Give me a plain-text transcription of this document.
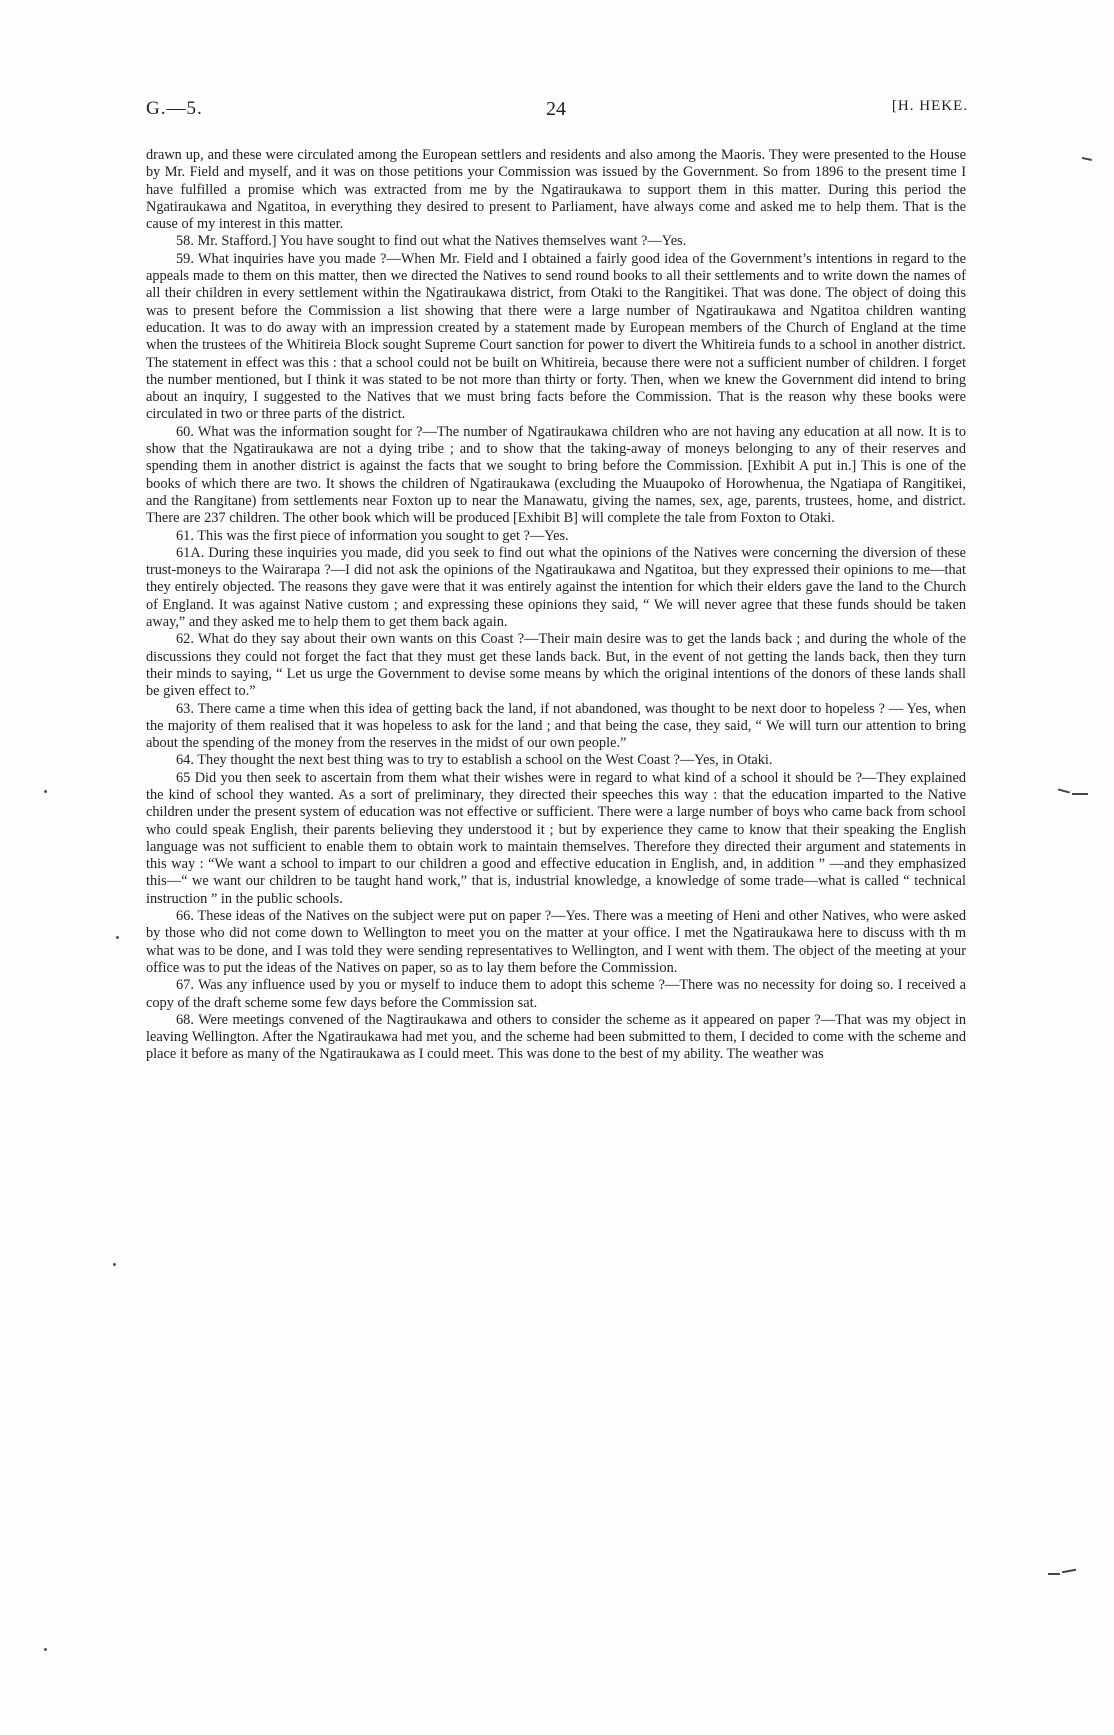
G.—5.	24	[H. HEKE.

drawn up, and these were circulated among the European settlers and residents and also among the Maoris. They were presented to the House by Mr. Field and myself, and it was on those petitions your Commission was issued by the Government. So from 1896 to the present time I have fulfilled a promise which was extracted from me by the Ngatiraukawa to support them in this matter. During this period the Ngatiraukawa and Ngatitoa, in everything they desired to present to Parliament, have always come and asked me to help them. That is the cause of my interest in this matter.

58. Mr. Stafford.] You have sought to find out what the Natives themselves want ?—Yes.

59. What inquiries have you made ?—When Mr. Field and I obtained a fairly good idea of the Government’s intentions in regard to the appeals made to them on this matter, then we directed the Natives to send round books to all their settlements and to write down the names of all their children in every settlement within the Ngatiraukawa district, from Otaki to the Rangitikei. That was done. The object of doing this was to present before the Commission a list showing that there were a large number of Ngatiraukawa and Ngatitoa children wanting education. It was to do away with an impression created by a statement made by European members of the Church of England at the time when the trustees of the Whitireia Block sought Supreme Court sanction for power to divert the Whitireia funds to a school in another district. The statement in effect was this : that a school could not be built on Whitireia, because there were not a sufficient number of children. I forget the number mentioned, but I think it was stated to be not more than thirty or forty. Then, when we knew the Government did intend to bring about an inquiry, I suggested to the Natives that we must bring facts before the Commission. That is the reason why these books were circulated in two or three parts of the district.

60. What was the information sought for ?—The number of Ngatiraukawa children who are not having any education at all now. It is to show that the Ngatiraukawa are not a dying tribe ; and to show that the taking-away of moneys belonging to any of their reserves and spending them in another district is against the facts that we sought to bring before the Commission. [Exhibit A put in.] This is one of the books of which there are two. It shows the children of Ngatiraukawa (excluding the Muaupoko of Horowhenua, the Ngatiapa of Rangitikei, and the Rangitane) from settlements near Foxton up to near the Manawatu, giving the names, sex, age, parents, trustees, home, and district. There are 237 children. The other book which will be produced [Exhibit B] will complete the tale from Foxton to Otaki.

61. This was the first piece of information you sought to get ?—Yes.

61A. During these inquiries you made, did you seek to find out what the opinions of the Natives were concerning the diversion of these trust-moneys to the Wairarapa ?—I did not ask the opinions of the Ngatiraukawa and Ngatitoa, but they expressed their opinions to me—that they entirely objected. The reasons they gave were that it was entirely against the intention for which their elders gave the land to the Church of England. It was against Native custom ; and expressing these opinions they said, “ We will never agree that these funds should be taken away,” and they asked me to help them to get them back again.

62. What do they say about their own wants on this Coast ?—Their main desire was to get the lands back ; and during the whole of the discussions they could not forget the fact that they must get these lands back. But, in the event of not getting the lands back, then they turn their minds to saying, “ Let us urge the Government to devise some means by which the original intentions of the donors of these lands shall be given effect to.”

63. There came a time when this idea of getting back the land, if not abandoned, was thought to be next door to hopeless ? — Yes, when the majority of them realised that it was hopeless to ask for the land ; and that being the case, they said, “ We will turn our attention to bring about the spending of the money from the reserves in the midst of our own people.”

64. They thought the next best thing was to try to establish a school on the West Coast ?—Yes, in Otaki.

65 Did you then seek to ascertain from them what their wishes were in regard to what kind of a school it should be ?—They explained the kind of school they wanted. As a sort of preliminary, they directed their speeches this way : that the education imparted to the Native children under the present system of education was not effective or sufficient. There were a large number of boys who came back from school who could speak English, their parents believing they understood it ; but by experience they came to know that their speaking the English language was not sufficient to enable them to obtain work to maintain themselves. Therefore they directed their argument and statements in this way : “We want a school to impart to our children a good and effective education in English, and, in addition ” —and they emphasized this—“ we want our children to be taught hand work,” that is, industrial knowledge, a knowledge of some trade—what is called “ technical instruction ” in the public schools.

66. These ideas of the Natives on the subject were put on paper ?—Yes. There was a meeting of Heni and other Natives, who were asked by those who did not come down to Wellington to meet you on the matter at your office. I met the Ngatiraukawa here to discuss with th m what was to be done, and I was told they were sending representatives to Wellington, and I went with them. The object of the meeting at your office was to put the ideas of the Natives on paper, so as to lay them before the Commission.

67. Was any influence used by you or myself to induce them to adopt this scheme ?—There was no necessity for doing so. I received a copy of the draft scheme some few days before the Commission sat.

68. Were meetings convened of the Nagtiraukawa and others to consider the scheme as it appeared on paper ?—That was my object in leaving Wellington. After the Ngatiraukawa had met you, and the scheme had been submitted to them, I decided to come with the scheme and place it before as many of the Ngatiraukawa as I could meet. This was done to the best of my ability. The weather was
